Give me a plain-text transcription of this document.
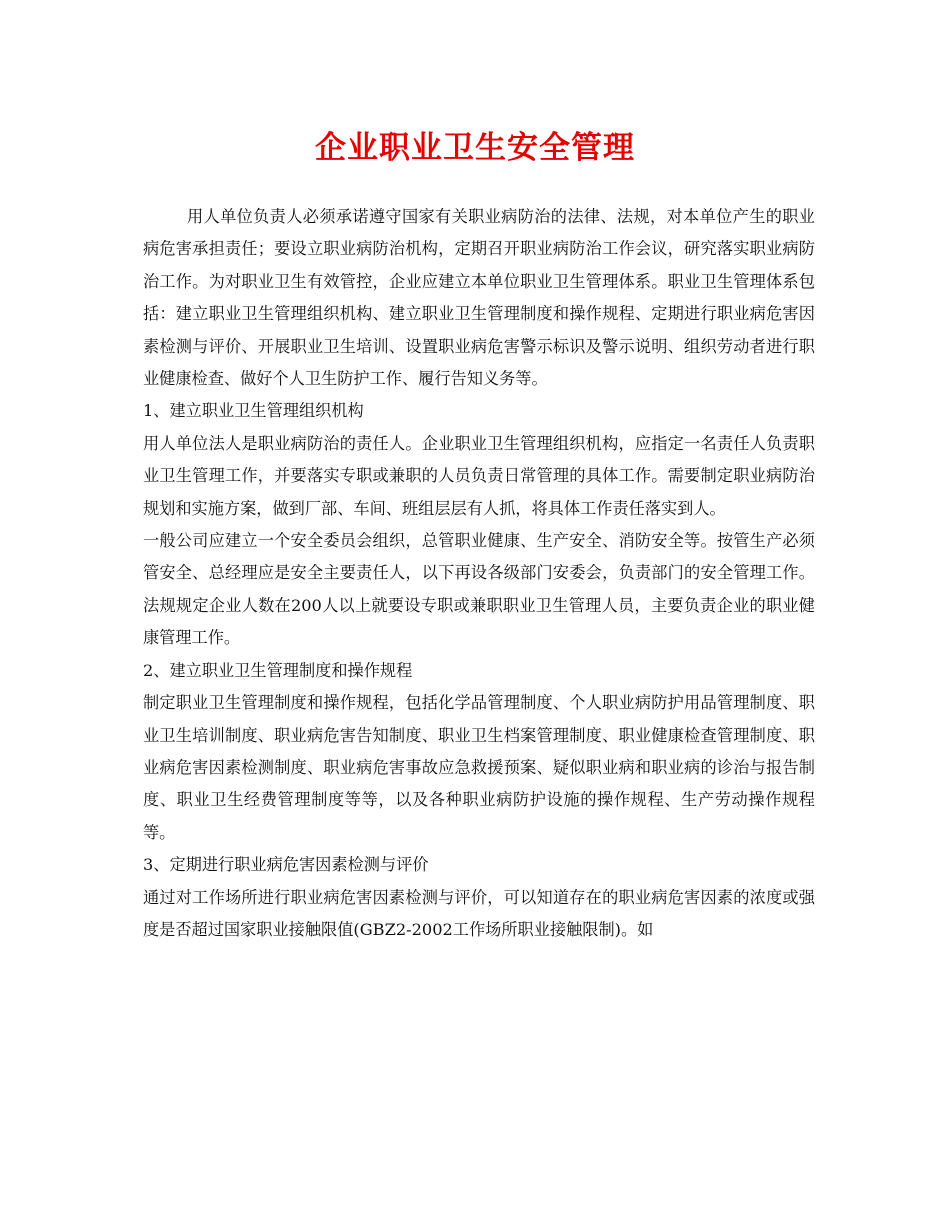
企业职业卫生安全管理

用人单位负责人必须承诺遵守国家有关职业病防治的法律、法规，对本单位产生的职业病危害承担责任；要设立职业病防治机构，定期召开职业病防治工作会议，研究落实职业病防治工作。为对职业卫生有效管控，企业应建立本单位职业卫生管理体系。职业卫生管理体系包括：建立职业卫生管理组织机构、建立职业卫生管理制度和操作规程、定期进行职业病危害因素检测与评价、开展职业卫生培训、设置职业病危害警示标识及警示说明、组织劳动者进行职业健康检查、做好个人卫生防护工作、履行告知义务等。

1、建立职业卫生管理组织机构

用人单位法人是职业病防治的责任人。企业职业卫生管理组织机构，应指定一名责任人负责职业卫生管理工作，并要落实专职或兼职的人员负责日常管理的具体工作。需要制定职业病防治规划和实施方案，做到厂部、车间、班组层层有人抓，将具体工作责任落实到人。

一般公司应建立一个安全委员会组织，总管职业健康、生产安全、消防安全等。按管生产必须管安全、总经理应是安全主要责任人，以下再设各级部门安委会，负责部门的安全管理工作。法规规定企业人数在200人以上就要设专职或兼职职业卫生管理人员，主要负责企业的职业健康管理工作。

2、建立职业卫生管理制度和操作规程

制定职业卫生管理制度和操作规程，包括化学品管理制度、个人职业病防护用品管理制度、职业卫生培训制度、职业病危害告知制度、职业卫生档案管理制度、职业健康检查管理制度、职业病危害因素检测制度、职业病危害事故应急救援预案、疑似职业病和职业病的诊治与报告制度、职业卫生经费管理制度等等，以及各种职业病防护设施的操作规程、生产劳动操作规程等。

3、定期进行职业病危害因素检测与评价

通过对工作场所进行职业病危害因素检测与评价，可以知道存在的职业病危害因素的浓度或强度是否超过国家职业接触限值(GBZ2-2002工作场所职业接触限制)。如
